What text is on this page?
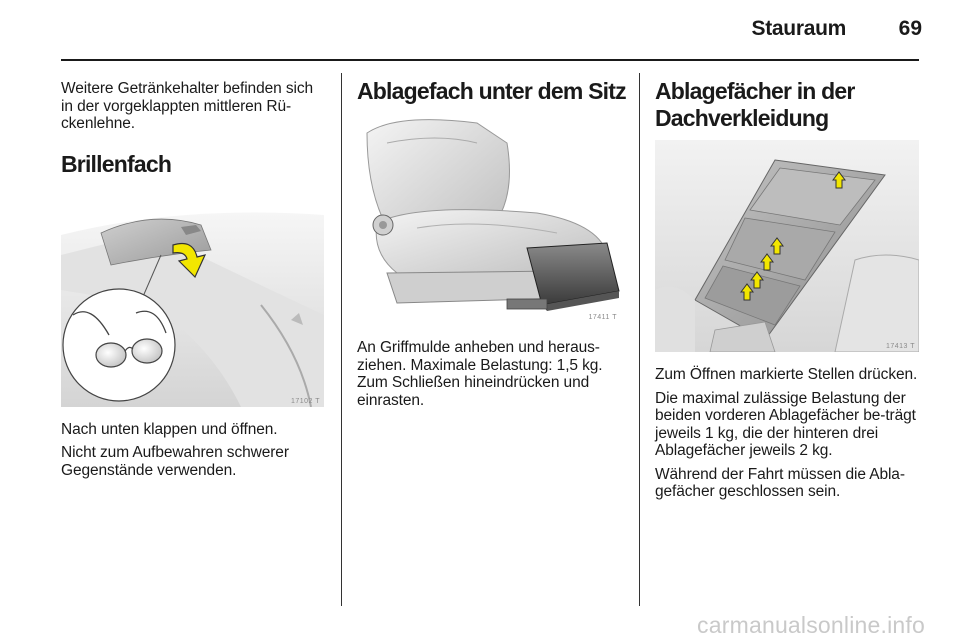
Stauraum	69

Weitere Getränkehalter befinden sich in der vorgeklappten mittleren Rü-ckenlehne.

Brillenfach
17102 T

Nach unten klappen und öffnen.

Nicht zum Aufbewahren schwerer Gegenstände verwenden.

Ablagefach unter dem Sitz
17411 T

An Griffmulde anheben und heraus-ziehen. Maximale Belastung: 1,5 kg. Zum Schließen hineindrücken und einrasten.

Ablagefächer in der Dachverkleidung
17413 T

Zum Öffnen markierte Stellen drücken.

Die maximal zulässige Belastung der beiden vorderen Ablagefächer be-trägt jeweils 1 kg, die der hinteren drei Ablagefächer jeweils 2 kg.

Während der Fahrt müssen die Abla-gefächer geschlossen sein.

carmanualsonline.info
